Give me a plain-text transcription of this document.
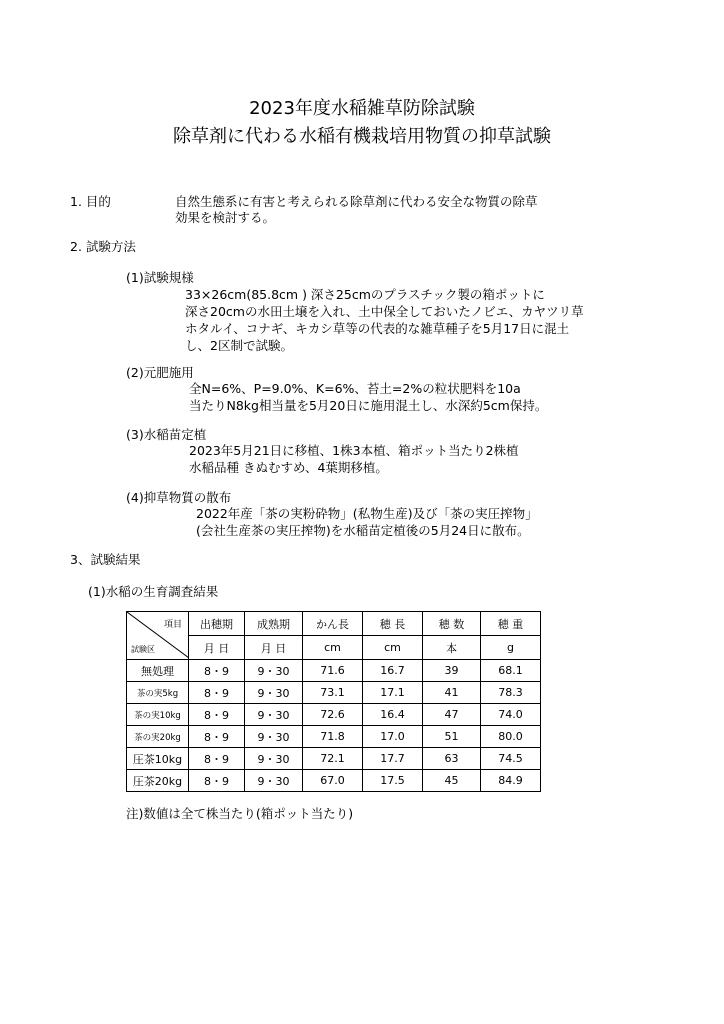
2023年度水稲雑草防除試験
除草剤に代わる水稲有機栽培用物質の抑草試験
1. 目的	自然生態系に有害と考えられる除草剤に代わる安全な物質の除草
効果を検討する。
2. 試験方法
(1)試験規様
33×26cm(85.8cm ) 深さ25cmのプラスチック製の箱ポットに
深さ20cmの水田土壌を入れ、土中保全しておいたノビエ、カヤツリ草
ホタルイ、コナギ、キカシ草等の代表的な雑草種子を5月17日に混土
し、2区制で試験。
(2)元肥施用
全N=6%、P=9.0%、K=6%、苔土=2%の粒状肥料を10a
当たりN8kg相当量を5月20日に施用混土し、水深約5cm保持。
(3)水稲苗定植
2023年5月21日に移植、1株3本植、箱ポット当たり2株植
水稲品種 きぬむすめ、4葉期移植。
(4)抑草物質の散布
2022年産「茶の実粉砕物」(私物生産)及び「茶の実圧搾物」
(会社生産茶の実圧搾物)を水稲苗定植後の5月24日に散布。
3、試験結果
(1)水稲の生育調査結果
項目
試験区	出穂期	成熟期	かん長	穂 長	穂 数	穂 重
	月 日	月 日	cm	cm	本	g
無処理	8・9	9・30	71.6	16.7	39	68.1
茶の実5kg	8・9	9・30	73.1	17.1	41	78.3
茶の実10kg	8・9	9・30	72.6	16.4	47	74.0
茶の実20kg	8・9	9・30	71.8	17.0	51	80.0
圧茶10kg	8・9	9・30	72.1	17.7	63	74.5
圧茶20kg	8・9	9・30	67.0	17.5	45	84.9
注)数値は全て株当たり(箱ポット当たり)
